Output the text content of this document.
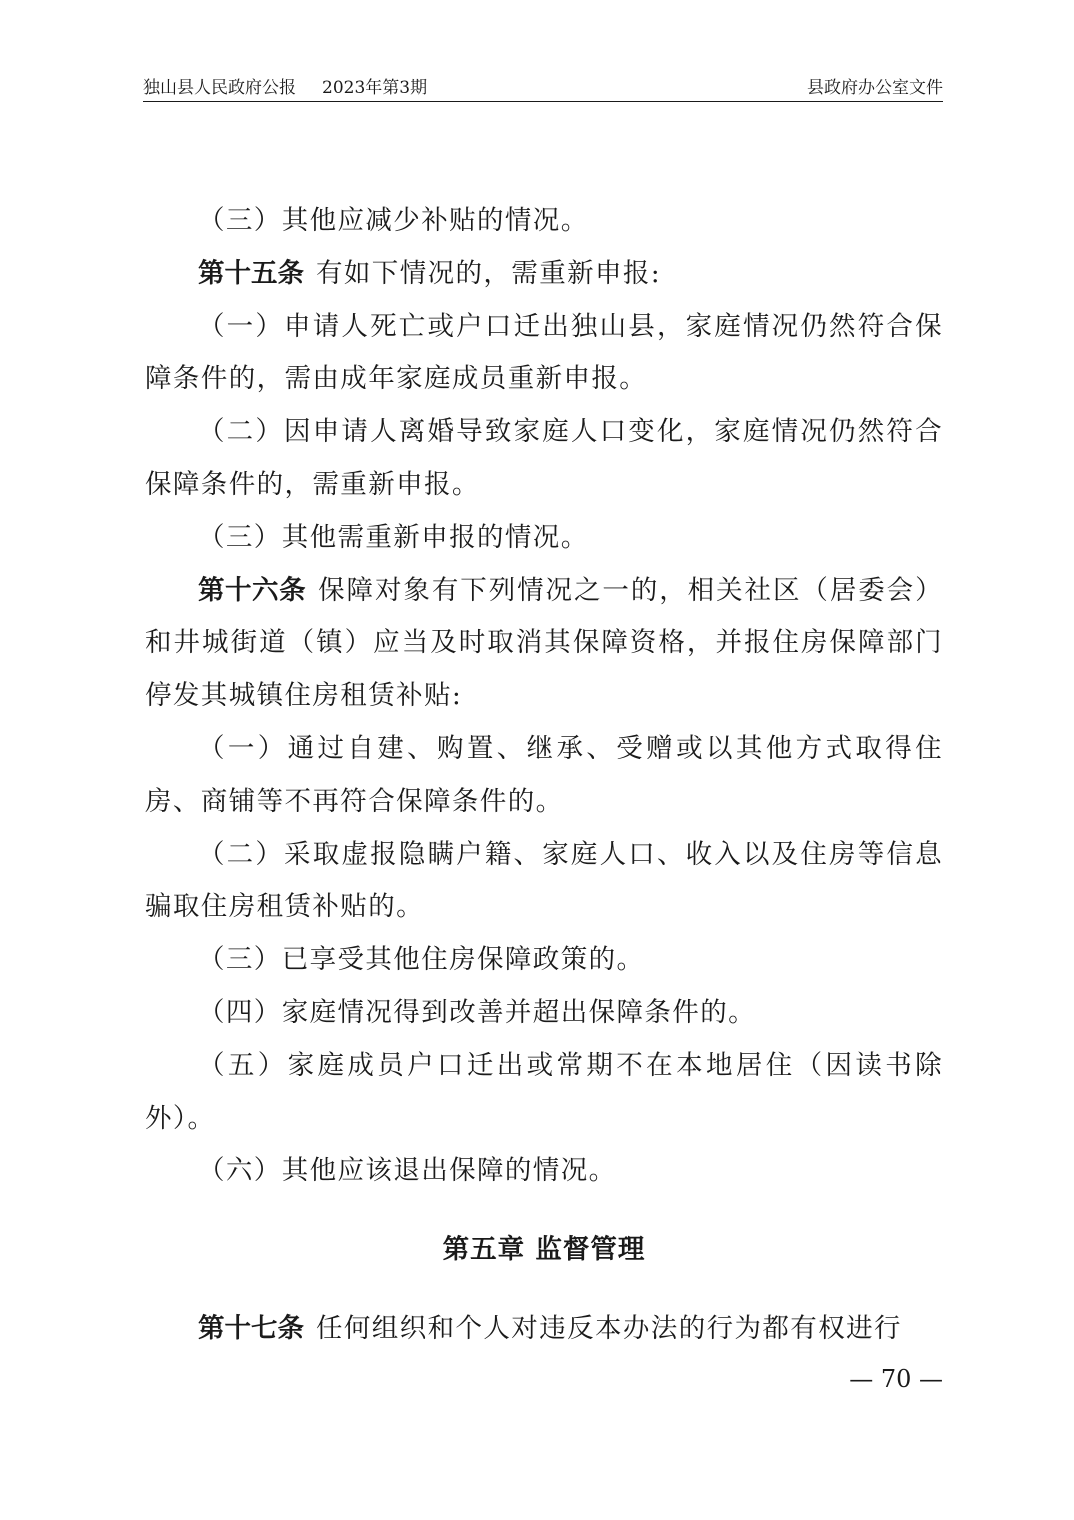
独山县人民政府公报 2023年第3期	县政府办公室文件

（三）其他应减少补贴的情况。

第十五条 有如下情况的，需重新申报:

（一）申请人死亡或户口迁出独山县，家庭情况仍然符合保障条件的，需由成年家庭成员重新申报。

（二）因申请人离婚导致家庭人口变化，家庭情况仍然符合保障条件的，需重新申报。

（三）其他需重新申报的情况。

第十六条 保障对象有下列情况之一的，相关社区（居委会）和井城街道（镇）应当及时取消其保障资格，并报住房保障部门停发其城镇住房租赁补贴:

（一）通过自建、购置、继承、受赠或以其他方式取得住房、商铺等不再符合保障条件的。

（二）采取虚报隐瞒户籍、家庭人口、收入以及住房等信息骗取住房租赁补贴的。

（三）已享受其他住房保障政策的。

（四）家庭情况得到改善并超出保障条件的。

（五）家庭成员户口迁出或常期不在本地居住（因读书除外）。

（六）其他应该退出保障的情况。

第五章 监督管理

第十七条 任何组织和个人对违反本办法的行为都有权进行

— 70 —
